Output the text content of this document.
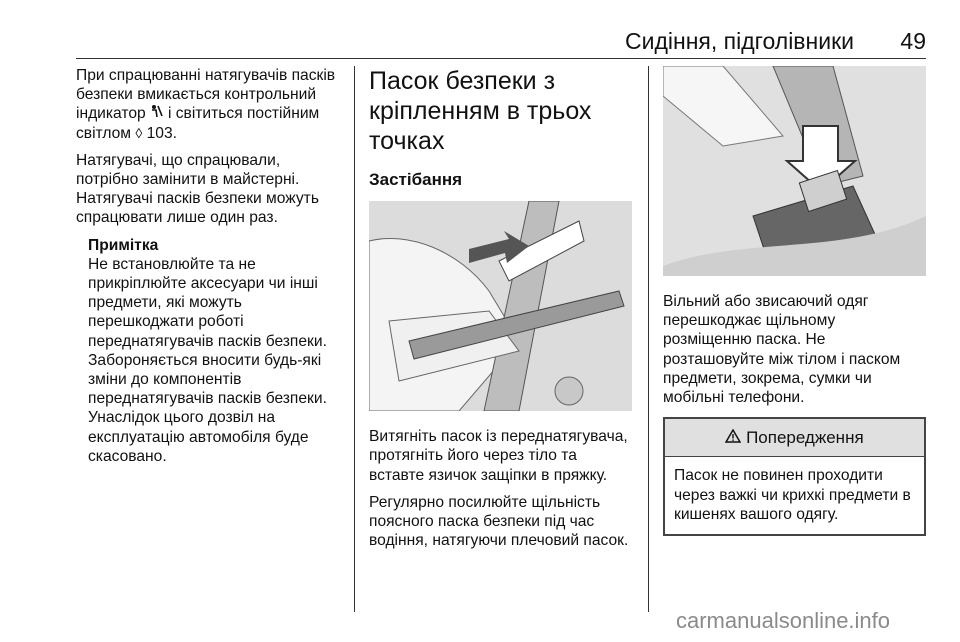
Сидіння, підголівники 49

При спрацюванні натягувачів пасків безпеки вмикається контрольний індикатор і світиться постійним світлом ◊ 103.

Натягувачі, що спрацювали, потрібно замінити в майстерні. Натягувачі пасків безпеки можуть спрацювати лише один раз.

Примітка
Не встановлюйте та не прикріплюйте аксесуари чи інші предмети, які можуть перешкоджати роботі переднатягувачів пасків безпеки. Забороняється вносити будь-які зміни до компонентів переднатягувачів пасків безпеки. Унаслідок цього дозвіл на експлуатацію автомобіля буде скасовано.
Пасок безпеки з кріпленням в трьох точках
Застібання

Витягніть пасок із переднатягувача, протягніть його через тіло та вставте язичок защіпки в пряжку.

Регулярно посилюйте щільність поясного паска безпеки під час водіння, натягуючи плечовий пасок.

Вільний або звисаючий одяг перешкоджає щільному розміщенню паска. Не розташовуйте між тілом і паском предмети, зокрема, сумки чи мобільні телефони.

Попередження
Пасок не повинен проходити через важкі чи крихкі предмети в кишенях вашого одягу.
carmanualsonline.info
